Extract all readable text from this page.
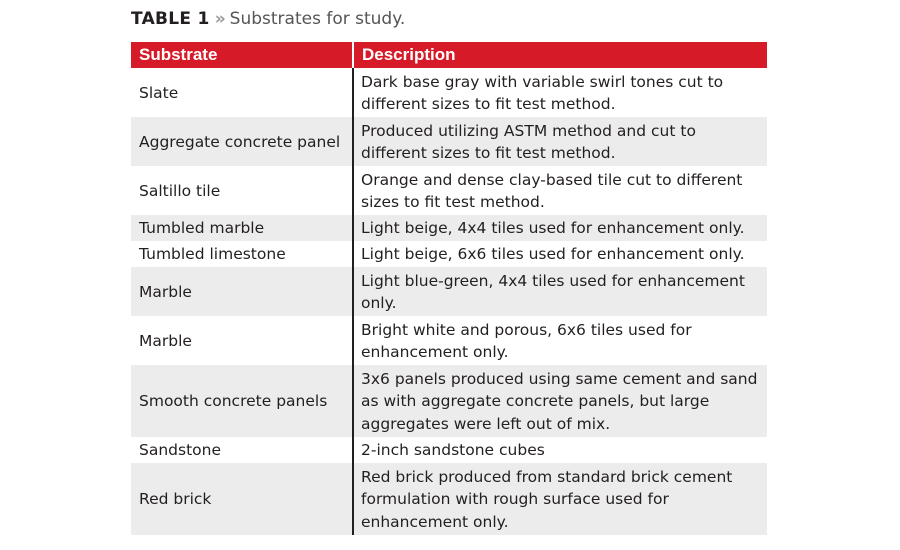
TABLE 1 » Substrates for study.
Substrate	Description
Slate	Dark base gray with variable swirl tones cut to different sizes to fit test method.
Aggregate concrete panel	Produced utilizing ASTM method and cut to different sizes to fit test method.
Saltillo tile	Orange and dense clay-based tile cut to different sizes to fit test method.
Tumbled marble	Light beige, 4x4 tiles used for enhancement only.
Tumbled limestone	Light beige, 6x6 tiles used for enhancement only.
Marble	Light blue-green, 4x4 tiles used for enhancement only.
Marble	Bright white and porous, 6x6 tiles used for enhancement only.
Smooth concrete panels	3x6 panels produced using same cement and sand as with aggregate concrete panels, but large aggregates were left out of mix.
Sandstone	2-inch sandstone cubes
Red brick	Red brick produced from standard brick cement formulation with rough surface used for enhancement only.
